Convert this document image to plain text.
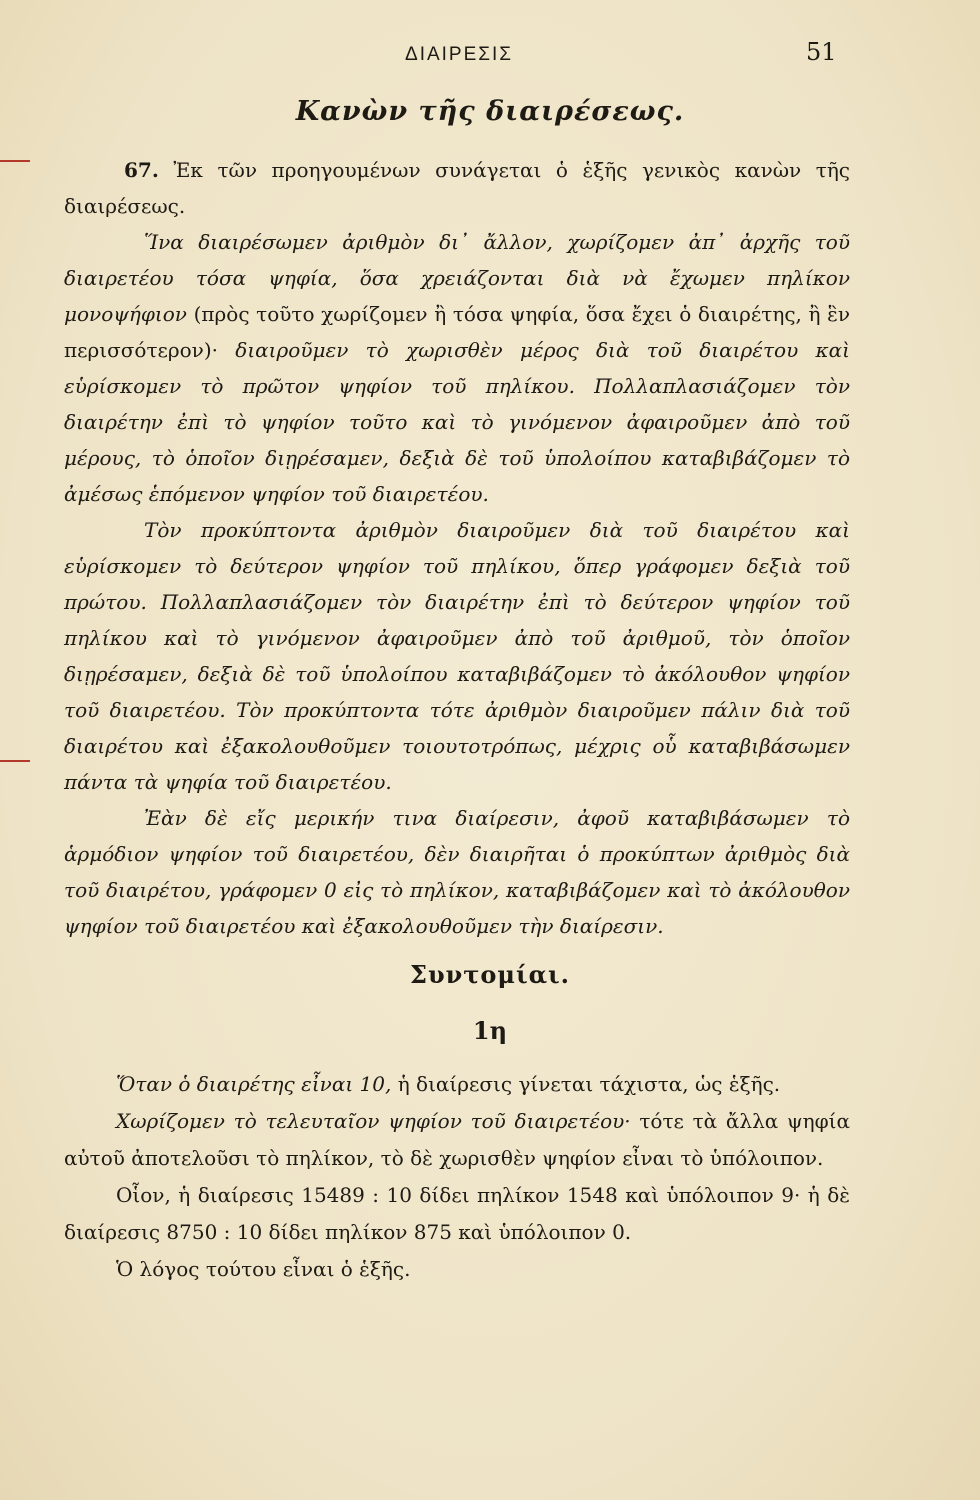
ΔΙΑΙΡΕΣΙΣ	51
Κανὼν τῆς διαιρέσεως.

67. Ἐκ τῶν προηγουμένων συνάγεται ὁ ἑξῆς γενικὸς κανὼν τῆς διαιρέσεως.

Ἵνα διαιρέσωμεν ἀριθμὸν δι᾽ ἄλλον, χωρίζομεν ἀπ᾽ ἀρχῆς τοῦ διαιρετέου τόσα ψηφία, ὅσα χρειάζονται διὰ νὰ ἔχωμεν πηλίκον μονοψήφιον (πρὸς τοῦτο χωρίζομεν ἢ τόσα ψηφία, ὅσα ἔχει ὁ διαιρέτης, ἢ ἓν περισσότερον)· διαιροῦμεν τὸ χωρισθὲν μέρος διὰ τοῦ διαιρέτου καὶ εὑρίσκομεν τὸ πρῶτον ψηφίον τοῦ πηλίκου. Πολλαπλασιάζομεν τὸν διαιρέτην ἐπὶ τὸ ψηφίον τοῦτο καὶ τὸ γινόμενον ἀφαιροῦμεν ἀπὸ τοῦ μέρους, τὸ ὁποῖον διῃρέσαμεν, δεξιὰ δὲ τοῦ ὑπολοίπου καταβιβάζομεν τὸ ἀμέσως ἑπόμενον ψηφίον τοῦ διαιρετέου.

Τὸν προκύπτοντα ἀριθμὸν διαιροῦμεν διὰ τοῦ διαιρέτου καὶ εὑρίσκομεν τὸ δεύτερον ψηφίον τοῦ πηλίκου, ὅπερ γράφομεν δεξιὰ τοῦ πρώτου. Πολλαπλασιάζομεν τὸν διαιρέτην ἐπὶ τὸ δεύτερον ψηφίον τοῦ πηλίκου καὶ τὸ γινόμενον ἀφαιροῦμεν ἀπὸ τοῦ ἀριθμοῦ, τὸν ὁποῖον διῃρέσαμεν, δεξιὰ δὲ τοῦ ὑπολοίπου καταβιβάζομεν τὸ ἀκόλουθον ψηφίον τοῦ διαιρετέου. Τὸν προκύπτοντα τότε ἀριθμὸν διαιροῦμεν πάλιν διὰ τοῦ διαιρέτου καὶ ἐξακολουθοῦμεν τοιουτοτρόπως, μέχρις οὗ καταβιβάσωμεν πάντα τὰ ψηφία τοῦ διαιρετέου.

Ἐὰν δὲ εἴς μερικήν τινα διαίρεσιν, ἀφοῦ καταβιβάσωμεν τὸ ἁρμόδιον ψηφίον τοῦ διαιρετέου, δὲν διαιρῆται ὁ προκύπτων ἀριθμὸς διὰ τοῦ διαιρέτου, γράφομεν 0 εἰς τὸ πηλίκον, καταβιβάζομεν καὶ τὸ ἀκόλουθον ψηφίον τοῦ διαιρετέου καὶ ἐξακολουθοῦμεν τὴν διαίρεσιν.

Συντομίαι.
1η

Ὅταν ὁ διαιρέτης εἶναι 10, ἡ διαίρεσις γίνεται τάχιστα, ὡς ἑξῆς.

Χωρίζομεν τὸ τελευταῖον ψηφίον τοῦ διαιρετέου· τότε τὰ ἄλλα ψηφία αὐτοῦ ἀποτελοῦσι τὸ πηλίκον, τὸ δὲ χωρισθὲν ψηφίον εἶναι τὸ ὑπόλοιπον.

Οἷον, ἡ διαίρεσις 15489 : 10 δίδει πηλίκον 1548 καὶ ὑπόλοιπον 9· ἡ δὲ διαίρεσις 8750 : 10 δίδει πηλίκον 875 καὶ ὑπόλοιπον 0.

Ὁ λόγος τούτου εἶναι ὁ ἑξῆς.
